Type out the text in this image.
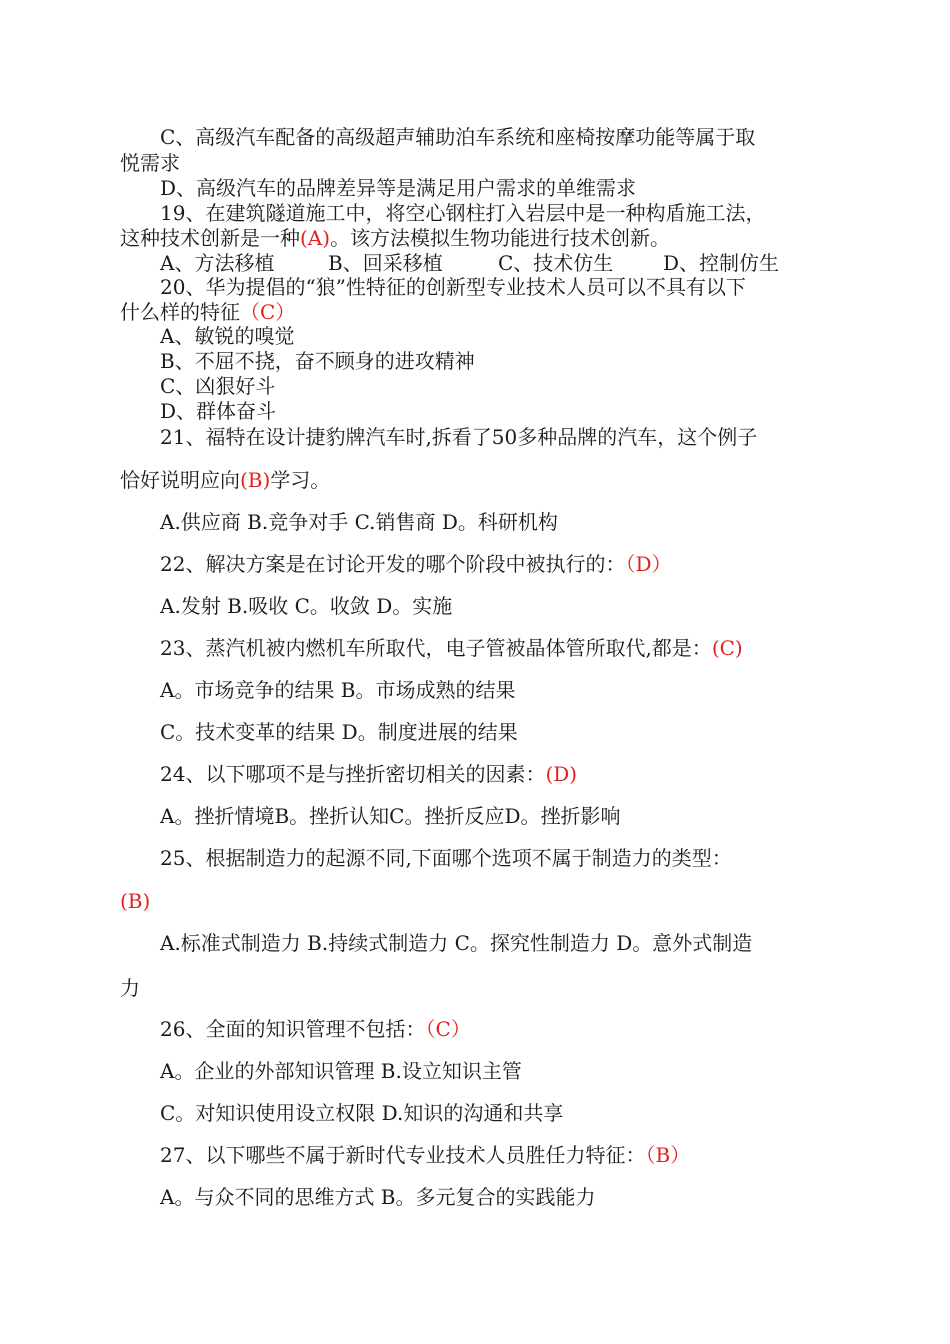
C、高级汽车配备的高级超声辅助泊车系统和座椅按摩功能等属于取
悦需求
D、高级汽车的品牌差异等是满足用户需求的单维需求
19、在建筑隧道施工中，将空心钢柱打入岩层中是一种构盾施工法，
这种技术创新是一种(A)。该方法模拟生物功能进行技术创新。
A、方法移植	B、回采移植	C、技术仿生 D、控制仿生
20、华为提倡的“狼”性特征的创新型专业技术人员可以不具有以下
什么样的特征（C）
A、敏锐的嗅觉
B、不屈不挠，奋不顾身的进攻精神
C、凶狠好斗
D、群体奋斗
21、福特在设计捷豹牌汽车时,拆看了50多种品牌的汽车，这个例子
恰好说明应向(B)学习。
A.供应商 B.竞争对手 C.销售商 D。科研机构
22、解决方案是在讨论开发的哪个阶段中被执行的：（D）
A.发射 B.吸收 C。收敛 D。实施
23、蒸汽机被内燃机车所取代，电子管被晶体管所取代,都是：(C)
A。市场竞争的结果 B。市场成熟的结果
C。技术变革的结果 D。制度进展的结果
24、以下哪项不是与挫折密切相关的因素：(D)
A。挫折情境B。挫折认知C。挫折反应D。挫折影响
25、根据制造力的起源不同,下面哪个选项不属于制造力的类型：
(B)
A.标准式制造力 B.持续式制造力 C。探究性制造力 D。意外式制造
力
26、全面的知识管理不包括：（C）
A。企业的外部知识管理 B.设立知识主管
C。对知识使用设立权限 D.知识的沟通和共享
27、以下哪些不属于新时代专业技术人员胜任力特征：（B）
A。与众不同的思维方式 B。多元复合的实践能力
